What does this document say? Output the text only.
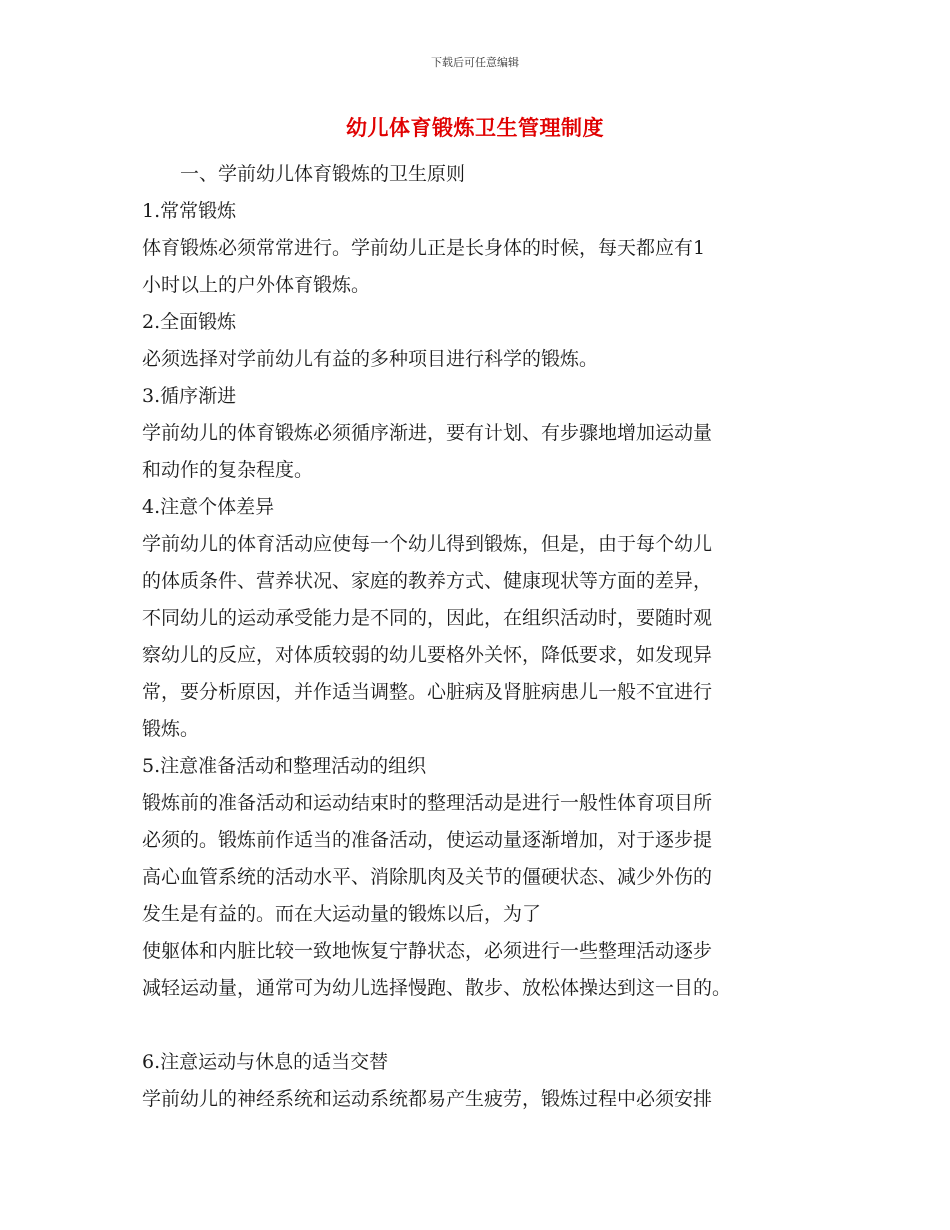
下载后可任意编辑
幼儿体育锻炼卫生管理制度
一、学前幼儿体育锻炼的卫生原则
1.常常锻炼
体育锻炼必须常常进行。学前幼儿正是长身体的时候，每天都应有1
小时以上的户外体育锻炼。
2.全面锻炼
必须选择对学前幼儿有益的多种项目进行科学的锻炼。
3.循序渐进
学前幼儿的体育锻炼必须循序渐进，要有计划、有步骤地增加运动量
和动作的复杂程度。
4.注意个体差异
学前幼儿的体育活动应使每一个幼儿得到锻炼，但是，由于每个幼儿
的体质条件、营养状况、家庭的教养方式、健康现状等方面的差异，
不同幼儿的运动承受能力是不同的，因此，在组织活动时，要随时观
察幼儿的反应，对体质较弱的幼儿要格外关怀，降低要求，如发现异
常，要分析原因，并作适当调整。心脏病及肾脏病患儿一般不宜进行
锻炼。
5.注意准备活动和整理活动的组织
锻炼前的准备活动和运动结束时的整理活动是进行一般性体育项目所
必须的。锻炼前作适当的准备活动，使运动量逐渐增加，对于逐步提
高心血管系统的活动水平、消除肌肉及关节的僵硬状态、减少外伤的
发生是有益的。而在大运动量的锻炼以后，为了
使躯体和内脏比较一致地恢复宁静状态，必须进行一些整理活动逐步
减轻运动量，通常可为幼儿选择慢跑、散步、放松体操达到这一目的。
6.注意运动与休息的适当交替
学前幼儿的神经系统和运动系统都易产生疲劳，锻炼过程中必须安排
